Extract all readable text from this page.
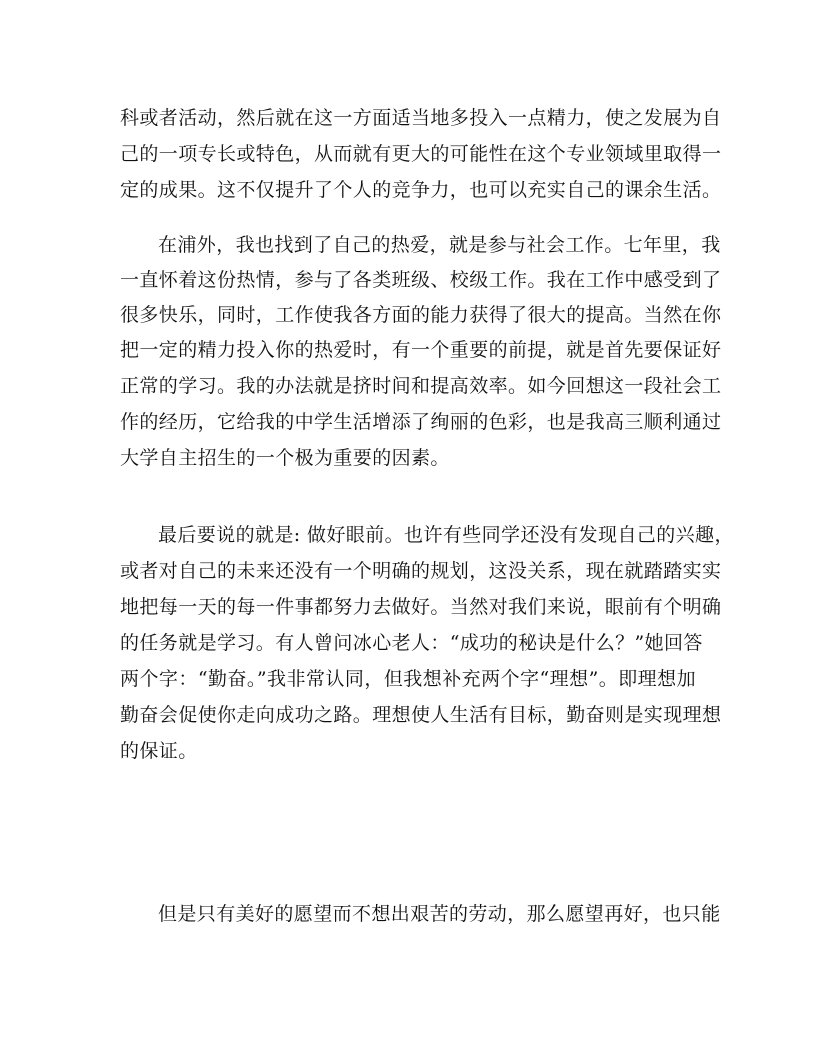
科或者活动，然后就在这一方面适当地多投入一点精力，使之发展为自
己的一项专长或特色，从而就有更大的可能性在这个专业领域里取得一
定的成果。这不仅提升了个人的竞争力，也可以充实自己的课余生活。
在浦外，我也找到了自己的热爱，就是参与社会工作。七年里，我
一直怀着这份热情，参与了各类班级、校级工作。我在工作中感受到了
很多快乐，同时，工作使我各方面的能力获得了很大的提高。当然在你
把一定的精力投入你的热爱时，有一个重要的前提，就是首先要保证好
正常的学习。我的办法就是挤时间和提高效率。如今回想这一段社会工
作的经历，它给我的中学生活增添了绚丽的色彩，也是我高三顺利通过
大学自主招生的一个极为重要的因素。
最后要说的就是: 做好眼前。也许有些同学还没有发现自己的兴趣，
或者对自己的未来还没有一个明确的规划，这没关系，现在就踏踏实实
地把每一天的每一件事都努力去做好。当然对我们来说，眼前有个明确
的任务就是学习。有人曾问冰心老人：“成功的秘诀是什么？”她回答
两个字：“勤奋。”我非常认同，但我想补充两个字“理想”。即理想加
勤奋会促使你走向成功之路。理想使人生活有目标，勤奋则是实现理想
的保证。
但是只有美好的愿望而不想出艰苦的劳动，那么愿望再好，也只能
